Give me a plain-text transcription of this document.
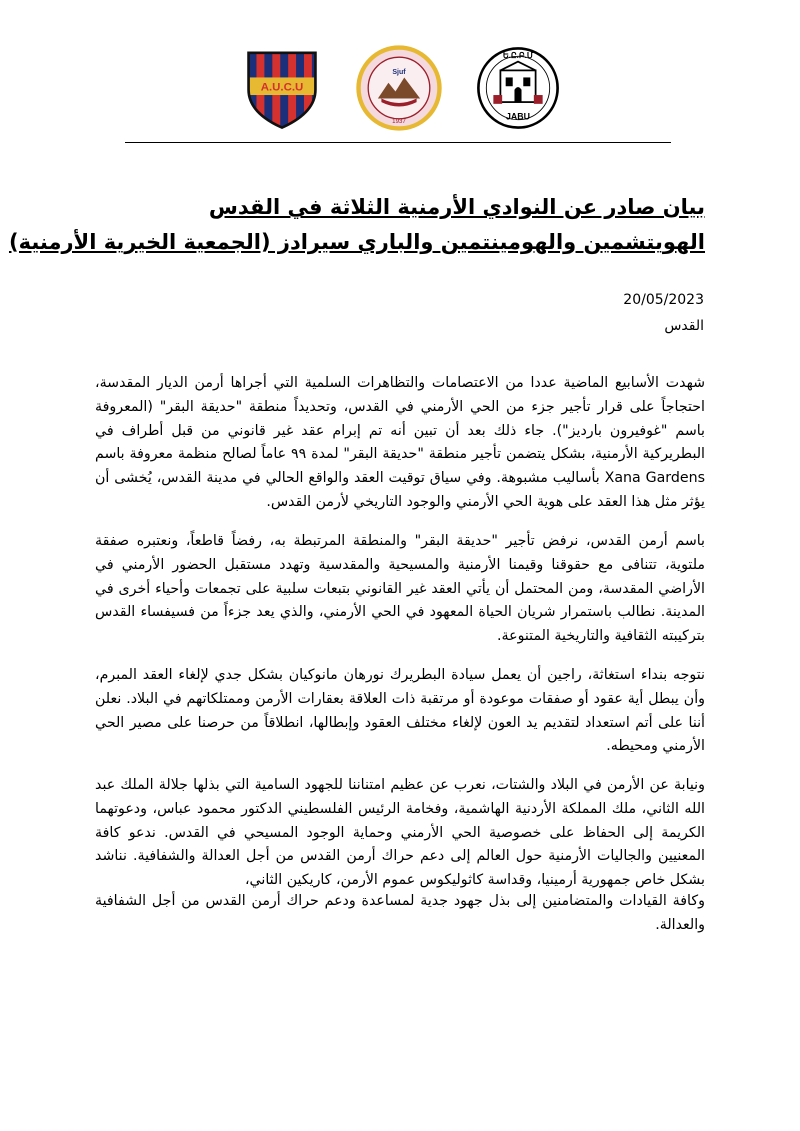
A.U.C.U
Sjuf
1937
Ե.Ը.Բ.Մ
JABU
بيان صادر عن النوادي الأرمنية الثلاثة في القدس
الهويتشمين والهومينتمين والباري سيرادز (الجمعية الخيرية الأرمنية)
20/05/2023
القدس

شهدت الأسابيع الماضية عددا من الاعتصامات والتظاهرات السلمية التي أجراها أرمن الديار المقدسة، احتجاجاً على قرار تأجير جزء من الحي الأرمني في القدس، وتحديداً منطقة "حديقة البقر" (المعروفة باسم "غوفيرون بارديز"). جاء ذلك بعد أن تبين أنه تم إبرام عقد غير قانوني من قبل أطراف في البطريركية الأرمنية، بشكل يتضمن تأجير منطقة "حديقة البقر" لمدة ٩٩ عاماً لصالح منظمة معروفة باسم Xana Gardens بأساليب مشبوهة. وفي سياق توقيت العقد والواقع الحالي في مدينة القدس، يُخشى أن يؤثر مثل هذا العقد على هوية الحي الأرمني والوجود التاريخي لأرمن القدس.

باسم أرمن القدس، نرفض تأجير "حديقة البقر" والمنطقة المرتبطة به، رفضاً قاطعاً، ونعتبره صفقة ملتوية، تتنافى مع حقوقنا وقيمنا الأرمنية والمسيحية والمقدسية وتهدد مستقبل الحضور الأرمني في الأراضي المقدسة، ومن المحتمل أن يأتي العقد غير القانوني بتبعات سلبية على تجمعات وأحياء أخرى في المدينة. نطالب باستمرار شريان الحياة المعهود في الحي الأرمني، والذي يعد جزءاً من فسيفساء القدس بتركيبته الثقافية والتاريخية المتنوعة.

نتوجه بنداء استغاثة، راجين أن يعمل سيادة البطريرك نورهان مانوكيان بشكل جدي لإلغاء العقد المبرم، وأن يبطل أية عقود أو صفقات موعودة أو مرتقبة ذات العلاقة بعقارات الأرمن وممتلكاتهم في البلاد. نعلن أننا على أتم استعداد لتقديم يد العون لإلغاء مختلف العقود وإبطالها، انطلاقاً من حرصنا على مصير الحي الأرمني ومحيطه.

ونيابة عن الأرمن في البلاد والشتات، نعرب عن عظيم امتناننا للجهود السامية التي بذلها جلالة الملك عبد الله الثاني، ملك المملكة الأردنية الهاشمية، وفخامة الرئيس الفلسطيني الدكتور محمود عباس، ودعوتهما الكريمة إلى الحفاظ على خصوصية الحي الأرمني وحماية الوجود المسيحي في القدس. ندعو كافة المعنيين والجاليات الأرمنية حول العالم إلى دعم حراك أرمن القدس من أجل العدالة والشفافية. نناشد بشكل خاص جمهورية أرمينيا، وقداسة كاثوليكوس عموم الأرمن، كاريكين الثاني،

وكافة القيادات والمتضامنين إلى بذل جهود جدية لمساعدة ودعم حراك أرمن القدس من أجل الشفافية والعدالة.
